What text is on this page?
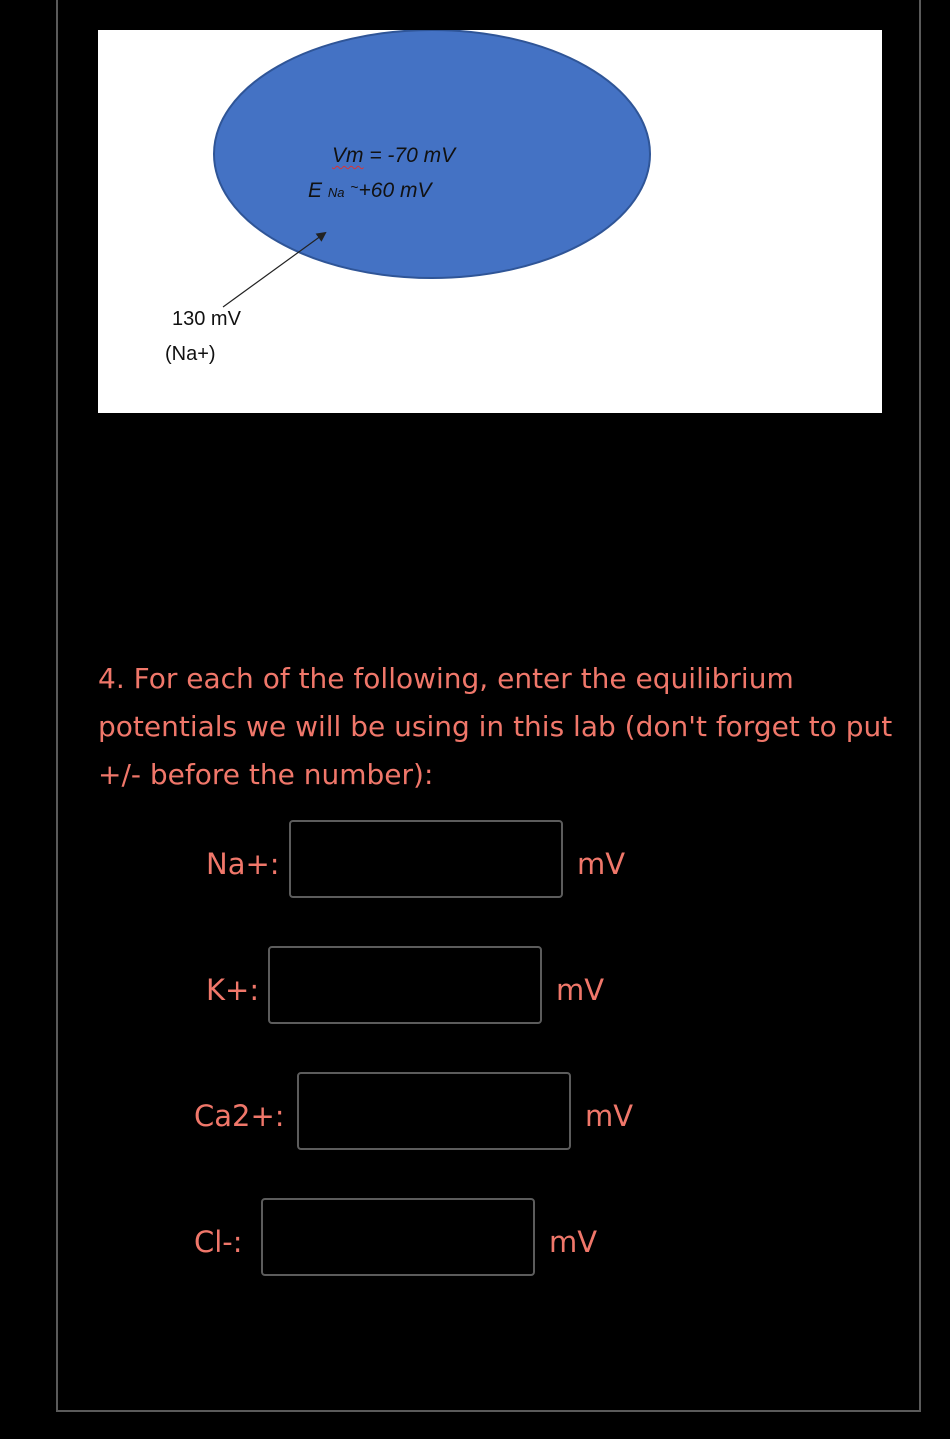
Vm = -70 mV
E Na ~+60 mV
130 mV
(Na+)
4. For each of the following, enter the equilibrium potentials we will be using in this lab (don't forget to put +/- before the number):
Na+:	mV
K+:	mV
Ca2+:	mV
Cl-:	mV
